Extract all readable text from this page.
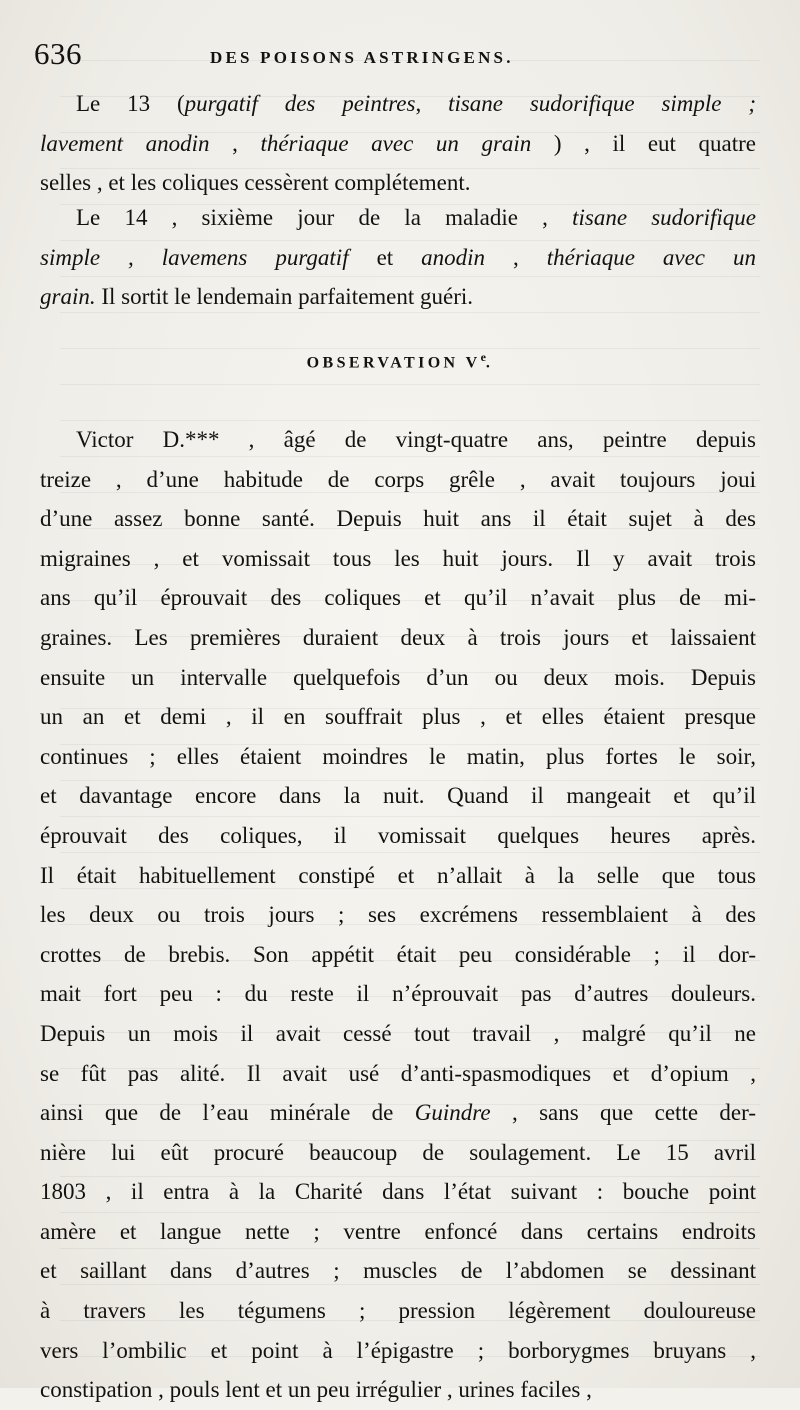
636	DES POISONS ASTRINGENS.
Le 13 (purgatif des peintres, tisane sudorifique simple ;
lavement anodin , thériaque avec un grain ) , il eut quatre
selles , et les coliques cessèrent complétement.
Le 14 , sixième jour de la maladie , tisane sudorifique
simple , lavemens purgatif et anodin , thériaque avec un
grain. Il sortit le lendemain parfaitement guéri.
OBSERVATION Ve.
Victor D.*** , âgé de vingt-quatre ans, peintre depuis
treize , d’une habitude de corps grêle , avait toujours joui
d’une assez bonne santé. Depuis huit ans il était sujet à des
migraines , et vomissait tous les huit jours. Il y avait trois
ans qu’il éprouvait des coliques et qu’il n’avait plus de mi-
graines. Les premières duraient deux à trois jours et laissaient
ensuite un intervalle quelquefois d’un ou deux mois. Depuis
un an et demi , il en souffrait plus , et elles étaient presque
continues ; elles étaient moindres le matin, plus fortes le soir,
et davantage encore dans la nuit. Quand il mangeait et qu’il
éprouvait des coliques, il vomissait quelques heures après.
Il était habituellement constipé et n’allait à la selle que tous
les deux ou trois jours ; ses excrémens ressemblaient à des
crottes de brebis. Son appétit était peu considérable ; il dor-
mait fort peu : du reste il n’éprouvait pas d’autres douleurs.
Depuis un mois il avait cessé tout travail , malgré qu’il ne
se fût pas alité. Il avait usé d’anti-spasmodiques et d’opium ,
ainsi que de l’eau minérale de Guindre , sans que cette der-
nière lui eût procuré beaucoup de soulagement. Le 15 avril
1803 , il entra à la Charité dans l’état suivant : bouche point
amère et langue nette ; ventre enfoncé dans certains endroits
et saillant dans d’autres ; muscles de l’abdomen se dessinant
à travers les tégumens ; pression légèrement douloureuse
vers l’ombilic et point à l’épigastre ; borborygmes bruyans ,
constipation , pouls lent et un peu irrégulier , urines faciles ,
